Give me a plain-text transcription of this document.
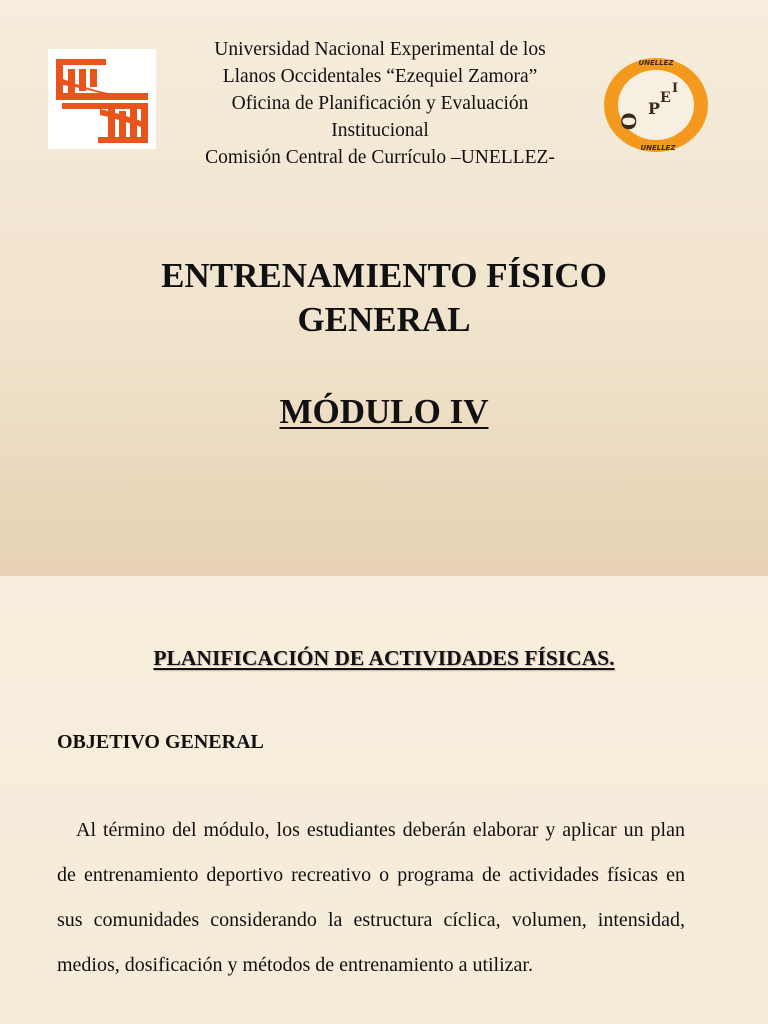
UNELLEZ
UNELLEZ
O
P
E
I
Universidad Nacional Experimental de los
Llanos Occidentales “Ezequiel Zamora”
Oficina de Planificación y Evaluación
Institucional
Comisión Central de Currículo –UNELLEZ-
ENTRENAMIENTO FÍSICO
GENERAL
MÓDULO IV
PLANIFICACIÓN DE ACTIVIDADES FÍSICAS.
OBJETIVO GENERAL
Al término del módulo, los estudiantes deberán elaborar y aplicar un plan de entrenamiento deportivo recreativo o programa de actividades físicas en sus comunidades considerando la estructura cíclica, volumen, intensidad, medios, dosificación y métodos de entrenamiento a utilizar.
